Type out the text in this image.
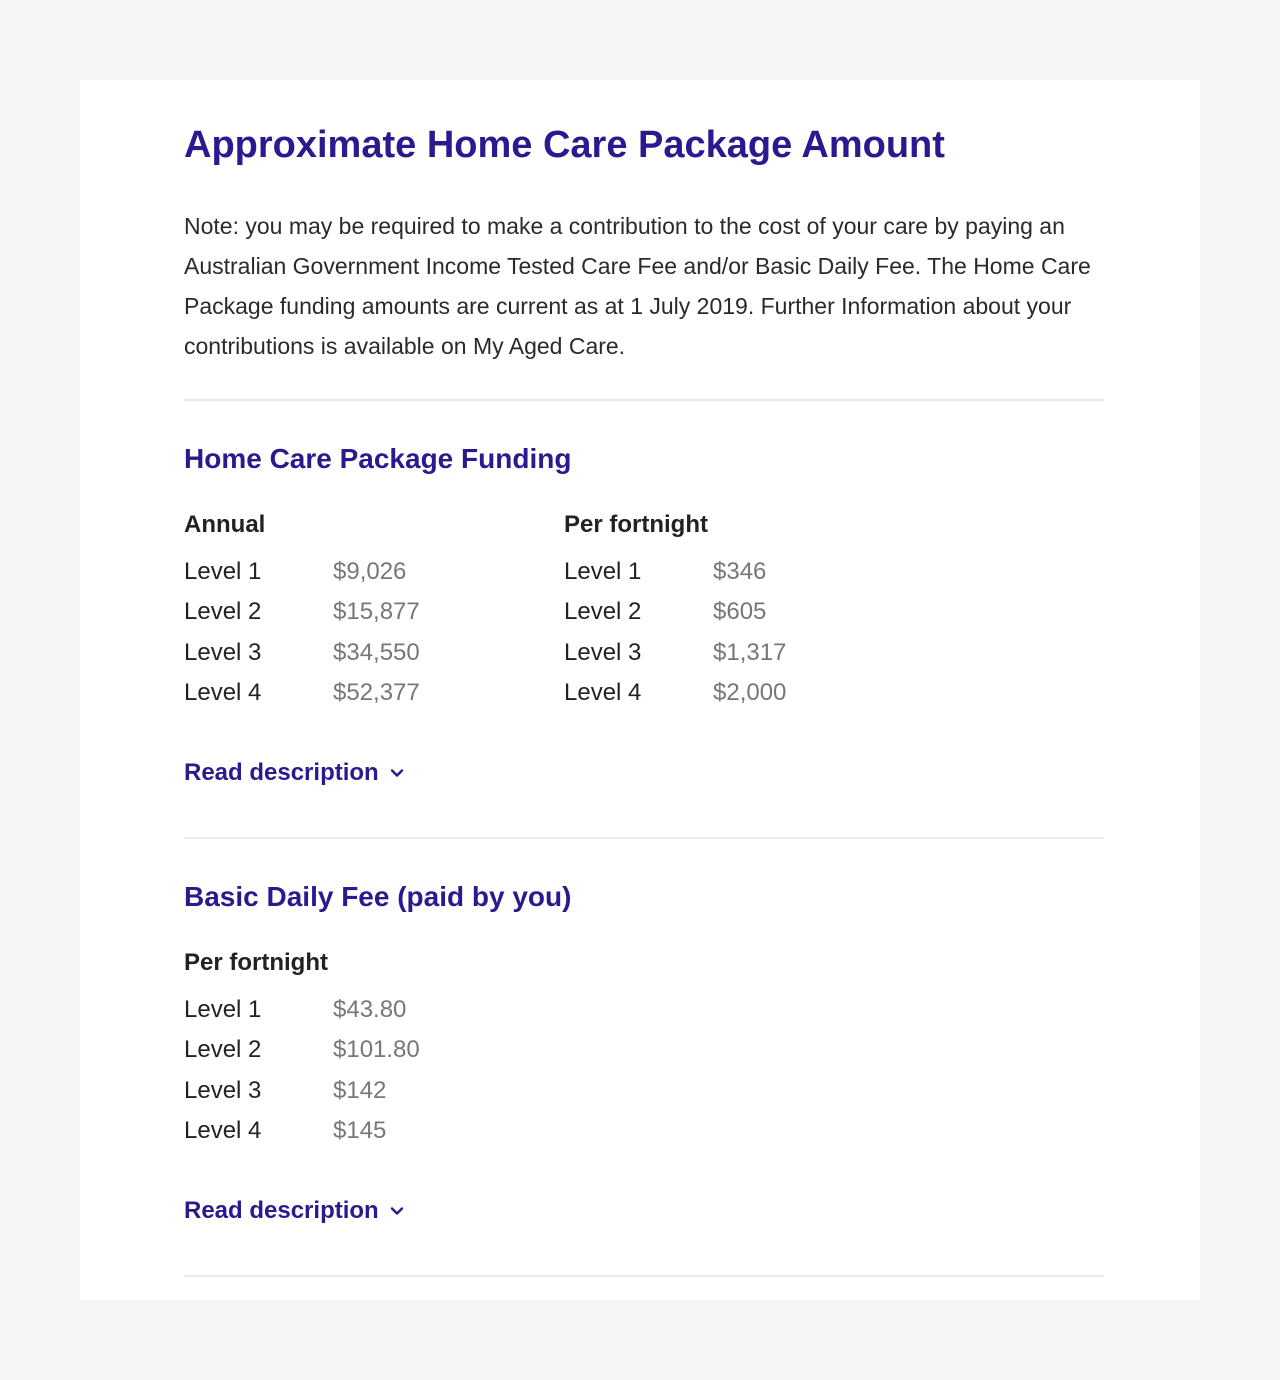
Approximate Home Care Package Amount

Note: you may be required to make a contribution to the cost of your care by paying an Australian Government Income Tested Care Fee and/or Basic Daily Fee. The Home Care Package funding amounts are current as at 1 July 2019. Further Information about your contributions is available on My Aged Care.

Home Care Package Funding

Annual

Level 1	$9,026
Level 2	$15,877
Level 3	$34,550
Level 4	$52,377

Per fortnight

Level 1	$346
Level 2	$605
Level 3	$1,317
Level 4	$2,000
Read description
Basic Daily Fee (paid by you)

Per fortnight

Level 1	$43.80
Level 2	$101.80
Level 3	$142
Level 4	$145
Read description
